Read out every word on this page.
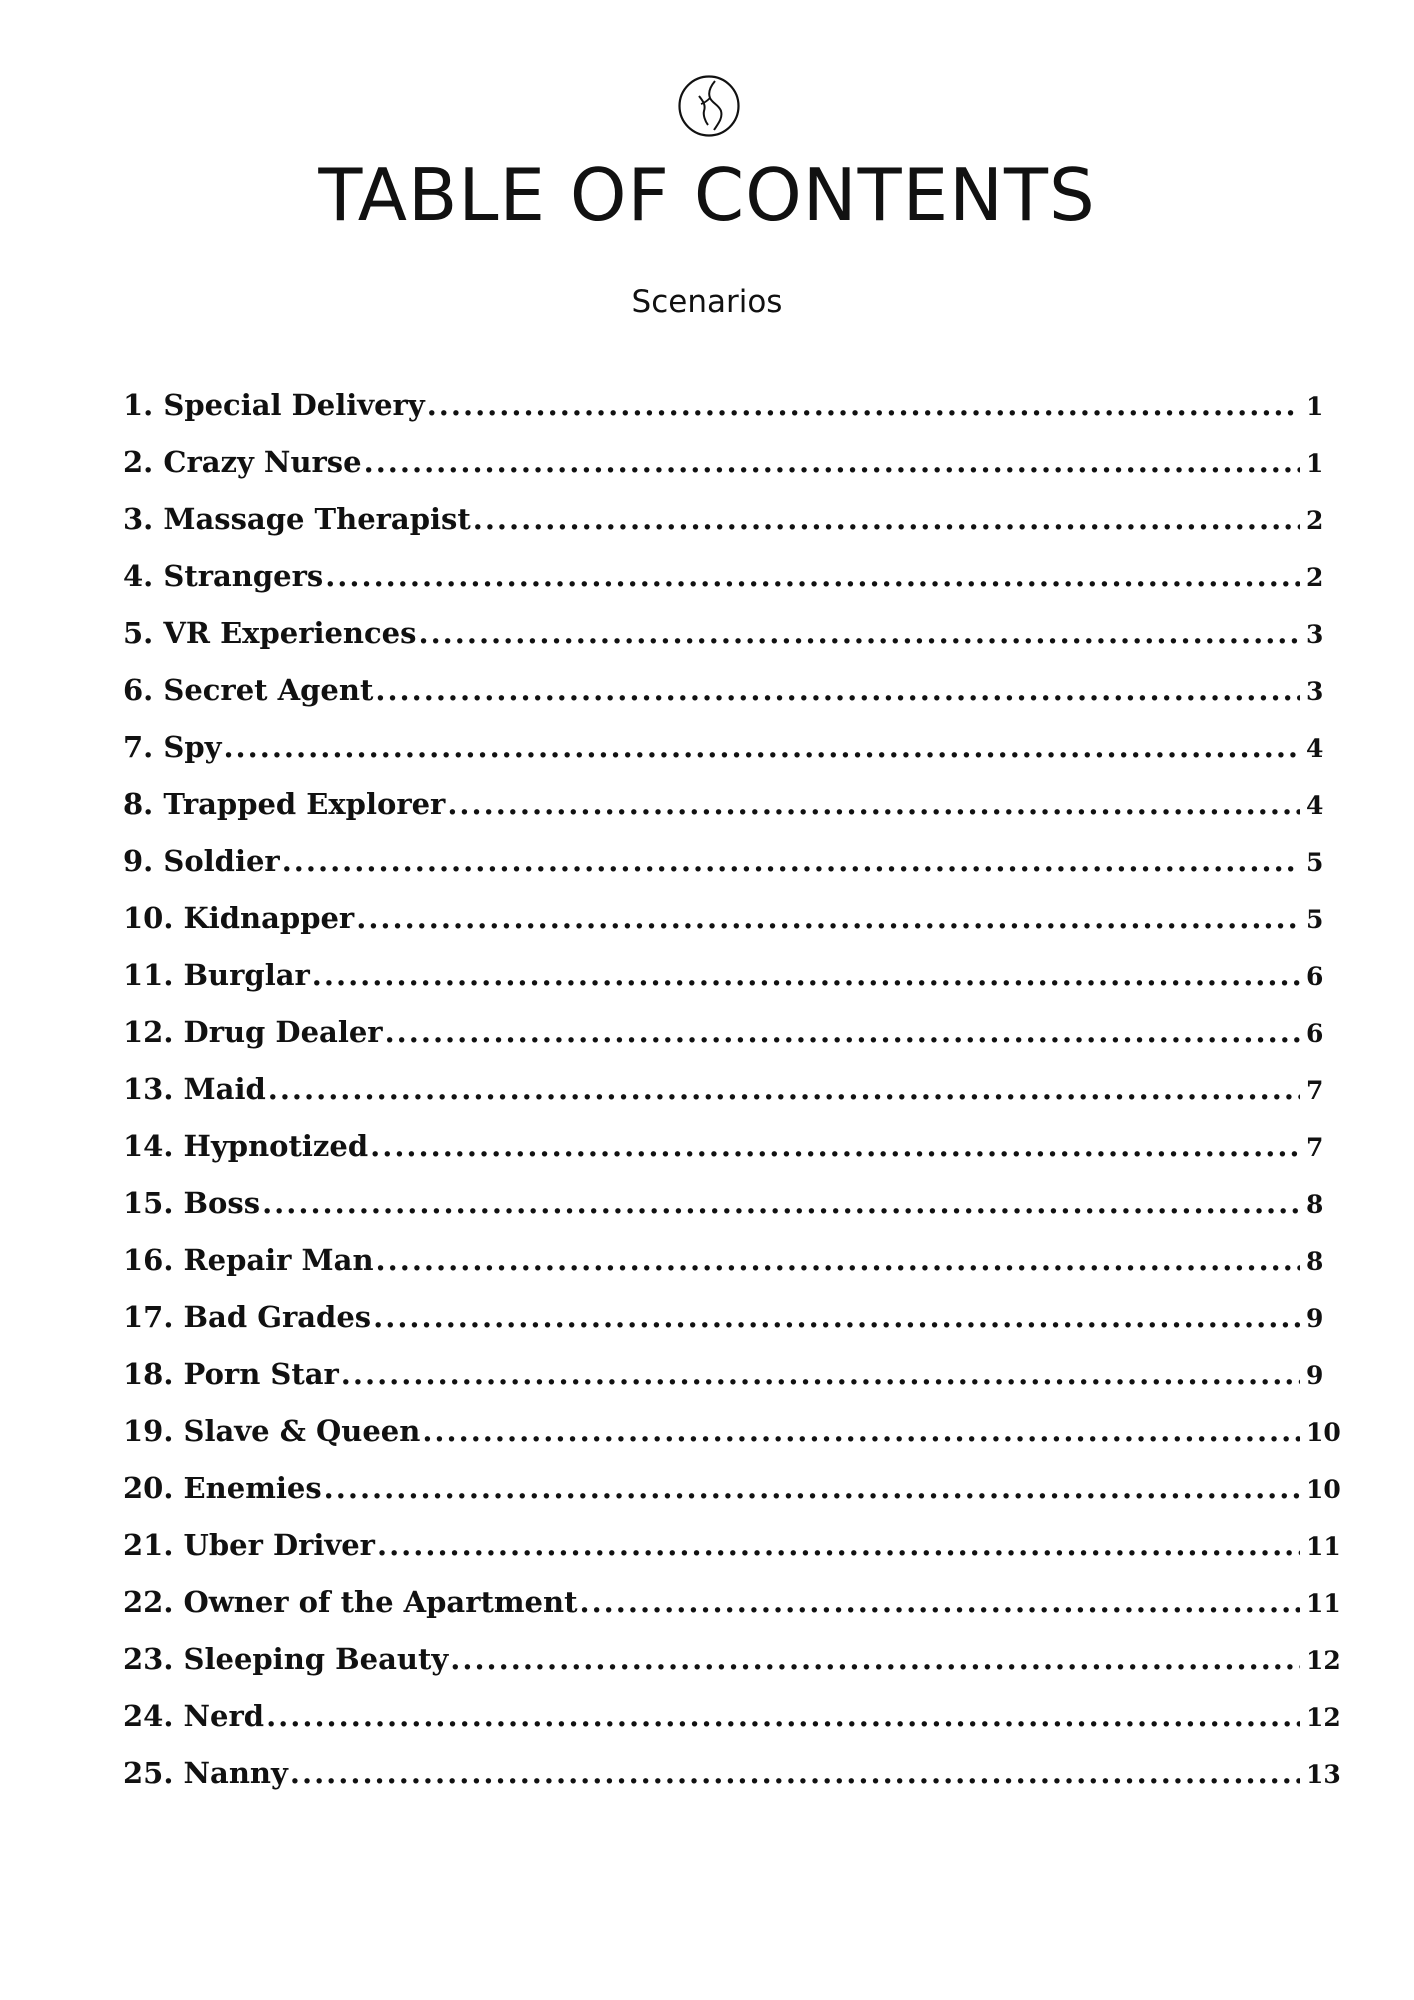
TABLE OF CONTENTS
Scenarios
1. Special Delivery .....	1
2. Crazy Nurse .....	1
3. Massage Therapist .....	2
4. Strangers .....	2
5. VR Experiences .....	3
6. Secret Agent .....	3
7. Spy .....	4
8. Trapped Explorer .....	4
9. Soldier .....	5
10. Kidnapper .....	5
11. Burglar .....	6
12. Drug Dealer .....	6
13. Maid .....	7
14. Hypnotized .....	7
15. Boss .....	8
16. Repair Man .....	8
17. Bad Grades .....	9
18. Porn Star .....	9
19. Slave & Queen .....	10
20. Enemies .....	10
21. Uber Driver .....	11
22. Owner of the Apartment .....	11
23. Sleeping Beauty .....	12
24. Nerd .....	12
25. Nanny .....	13
